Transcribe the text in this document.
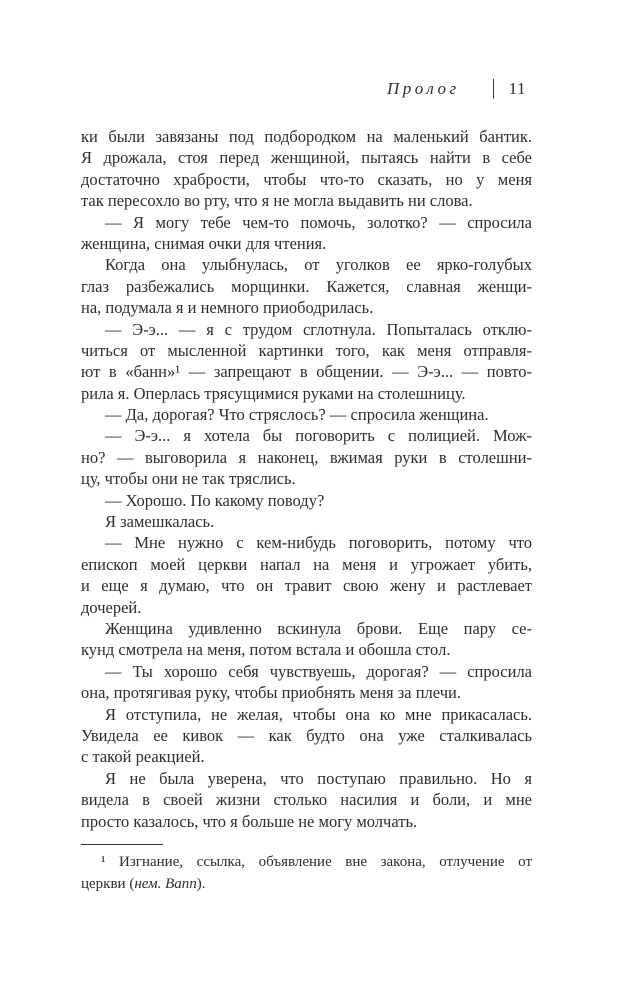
Пролог	11
ки были завязаны под подбородком на маленький бантик.
Я дрожала, стоя перед женщиной, пытаясь найти в себе
достаточно храбрости, чтобы что-то сказать, но у меня
так пересохло во рту, что я не могла выдавить ни слова.
— Я могу тебе чем-то помочь, золотко? — спросила
женщина, снимая очки для чтения.
Когда она улыбнулась, от уголков ее ярко-голубых
глаз разбежались морщинки. Кажется, славная женщи-
на, подумала я и немного приободрилась.
— Э-э... — я с трудом сглотнула. Попыталась отклю-
читься от мысленной картинки того, как меня отправля-
ют в «банн»¹ — запрещают в общении. — Э-э... — повто-
рила я. Оперлась трясущимися руками на столешницу.
— Да, дорогая? Что стряслось? — спросила женщина.
— Э-э... я хотела бы поговорить с полицией. Мож-
но? — выговорила я наконец, вжимая руки в столешни-
цу, чтобы они не так тряслись.
— Хорошо. По какому поводу?
Я замешкалась.
— Мне нужно с кем-нибудь поговорить, потому что
епископ моей церкви напал на меня и угрожает убить,
и еще я думаю, что он травит свою жену и растлевает
дочерей.
Женщина удивленно вскинула брови. Еще пару се-
кунд смотрела на меня, потом встала и обошла стол.
— Ты хорошо себя чувствуешь, дорогая? — спросила
она, протягивая руку, чтобы приобнять меня за плечи.
Я отступила, не желая, чтобы она ко мне прикасалась.
Увидела ее кивок — как будто она уже сталкивалась
с такой реакцией.
Я не была уверена, что поступаю правильно. Но я
видела в своей жизни столько насилия и боли, и мне
просто казалось, что я больше не могу молчать.
¹ Изгнание, ссылка, объявление вне закона, отлучение от
церкви (нем. Bann).
